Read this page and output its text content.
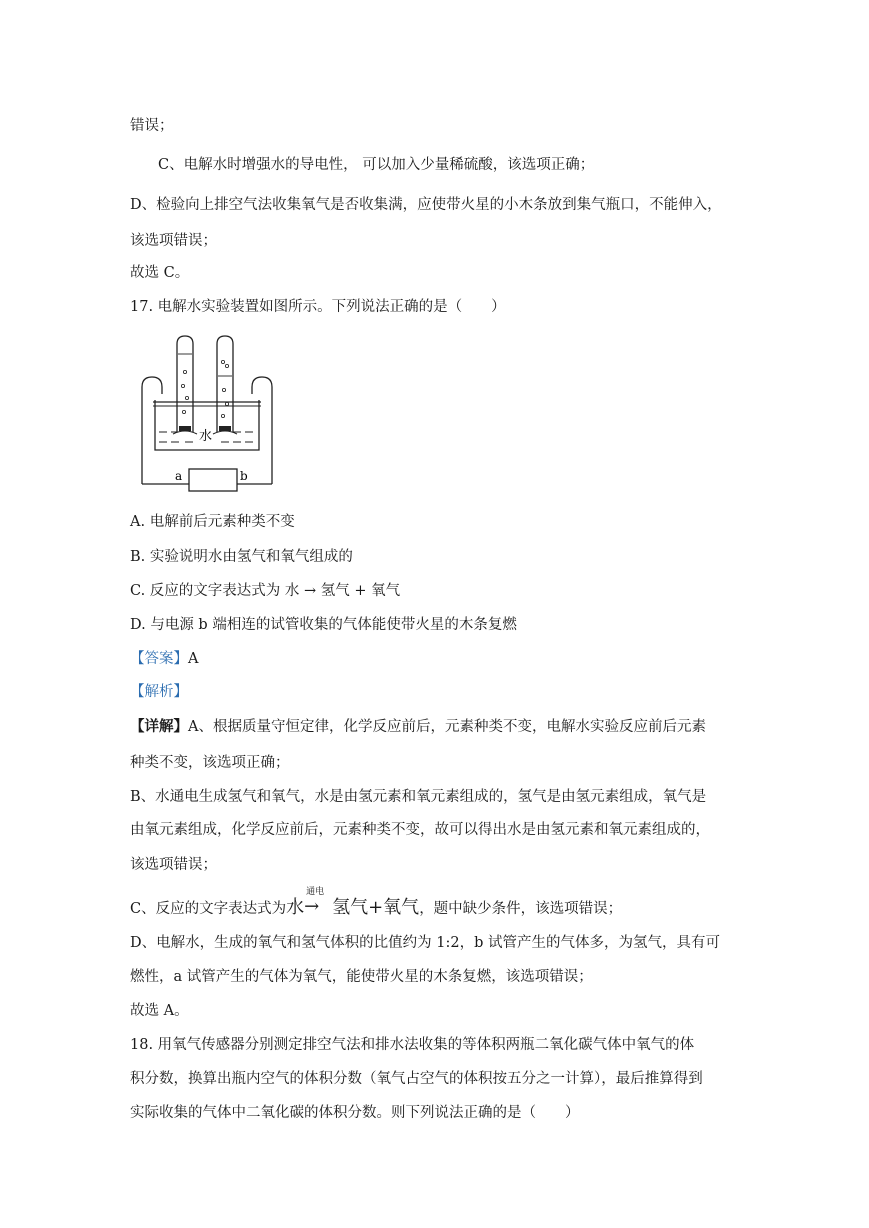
错误；
C、电解水时增强水的导电性， 可以加入少量稀硫酸，该选项正确；
D、检验向上排空气法收集氧气是否收集满，应使带火星的小木条放到集气瓶口，不能伸入，
该选项错误；
故选 C。
17. 电解水实验装置如图所示。下列说法正确的是（　　）
a	b
水
A. 电解前后元素种类不变
B. 实验说明水由氢气和氧气组成的
C. 反应的文字表达式为 水 → 氢气 + 氧气
D. 与电源 b 端相连的试管收集的气体能使带火星的木条复燃
【答案】A
【解析】
【详解】A、根据质量守恒定律，化学反应前后，元素种类不变，电解水实验反应前后元素
种类不变，该选项正确；
B、水通电生成氢气和氧气，水是由氢元素和氧元素组成的，氢气是由氢元素组成，氧气是
由氧元素组成，化学反应前后，元素种类不变，故可以得出水是由氢元素和氧元素组成的，
该选项错误；
C、反应的文字表达式为水
通电
→ 氢气+氧气，题中缺少条件，该选项错误；
D、电解水，生成的氧气和氢气体积的比值约为 1:2，b 试管产生的气体多，为氢气，具有可
燃性，a 试管产生的气体为氧气，能使带火星的木条复燃，该选项错误；
故选 A。
18. 用氧气传感器分别测定排空气法和排水法收集的等体积两瓶二氧化碳气体中氧气的体
积分数，换算出瓶内空气的体积分数（氧气占空气的体积按五分之一计算），最后推算得到
实际收集的气体中二氧化碳的体积分数。则下列说法正确的是（　　）
